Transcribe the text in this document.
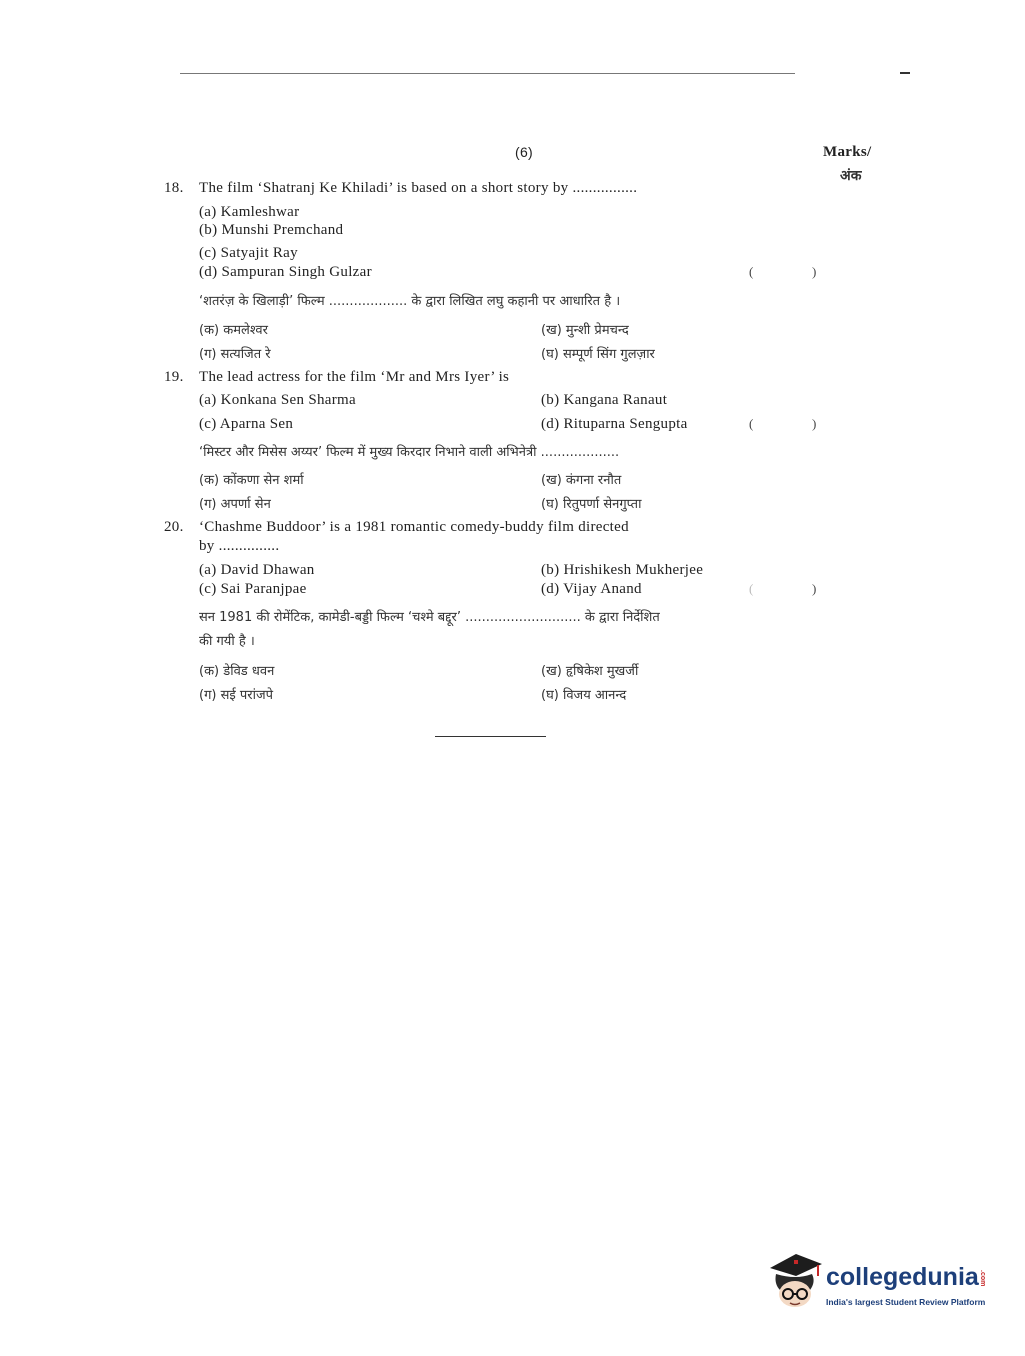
(6)	Marks/
अंक
18. The film ‘Shatranj Ke Khiladi’ is based on a short story by ................
(a) Kamleshwar
(b) Munshi Premchand
(c) Satyajit Ray
(d) Sampuran Singh Gulzar	(	)
‘शतरंज़ के खिलाड़ी’ फिल्म ................... के द्वारा लिखित लघु कहानी पर आधारित है ।
(क) कमलेश्वर	(ख) मुन्शी प्रेमचन्द
(ग) सत्यजित रे	(घ) सम्पूर्ण सिंग गुलज़ार
19. The lead actress for the film ‘Mr and Mrs Iyer’ is
(a) Konkana Sen Sharma	(b) Kangana Ranaut
(c) Aparna Sen	(d) Rituparna Sengupta	(	)
‘मिस्टर और मिसेस अय्यर’ फिल्म में मुख्य किरदार निभाने वाली अभिनेत्री ...................
(क) कोंकणा सेन शर्मा	(ख) कंगना रनौत
(ग) अपर्णा सेन	(घ) रितुपर्णा सेनगुप्ता
20. ‘Chashme Buddoor’ is a 1981 romantic comedy-buddy film directed
by ...............
(a) David Dhawan	(b) Hrishikesh Mukherjee
(c) Sai Paranjpae	(d) Vijay Anand	(	)
सन 1981 की रोमेंटिक, कामेडी-बड्डी फिल्म ‘चश्मे बद्दूर’ ............................ के द्वारा निर्देशित
की गयी है ।
(क) डेविड धवन	(ख) हृषिकेश मुखर्जी
(ग) सई परांजपे	(घ) विजय आनन्द
collegedunia.com
India's largest Student Review Platform
